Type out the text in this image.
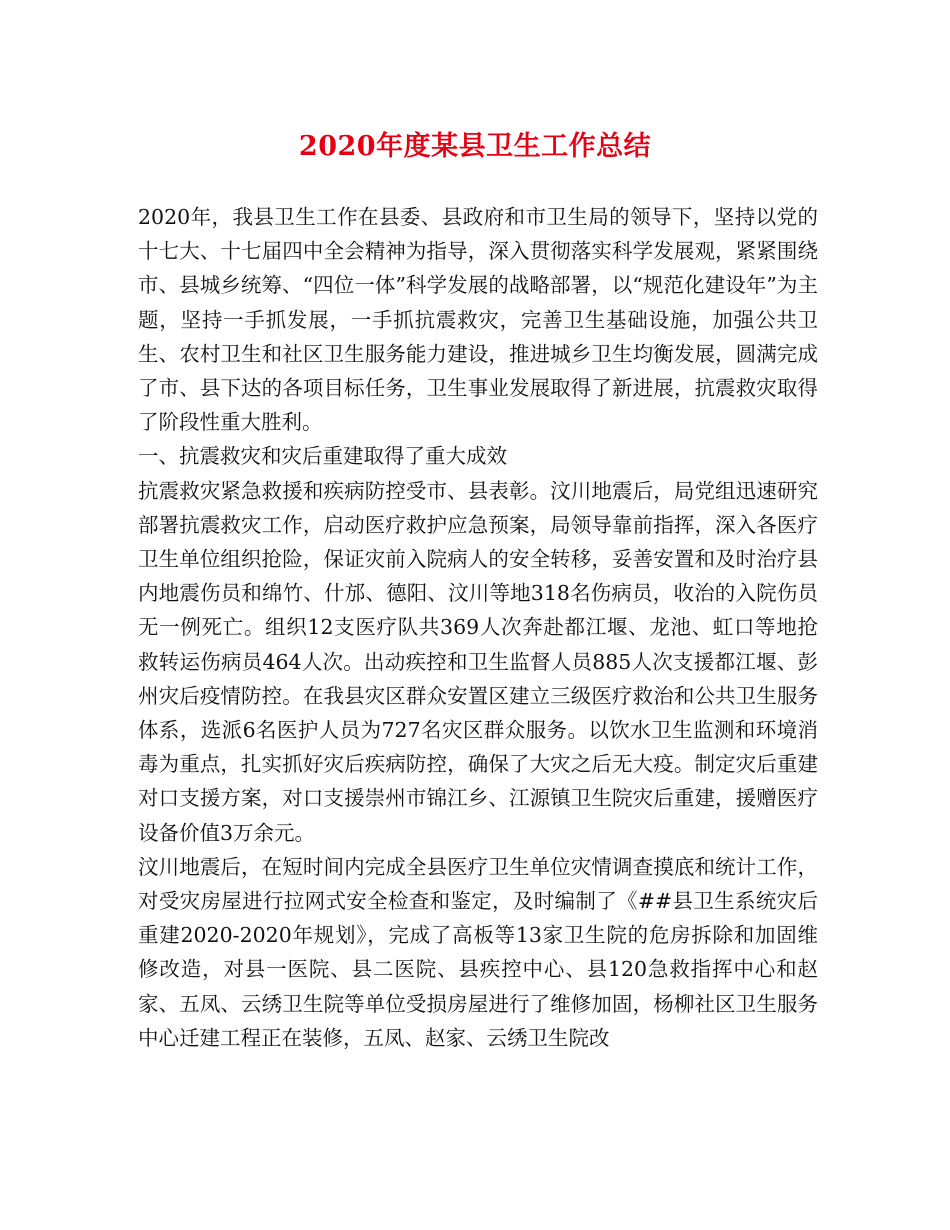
2020年度某县卫生工作总结

2020年，我县卫生工作在县委、县政府和市卫生局的领导下，坚持以党的十七大、十七届四中全会精神为指导，深入贯彻落实科学发展观，紧紧围绕市、县城乡统筹、“四位一体”科学发展的战略部署，以“规范化建设年”为主题，坚持一手抓发展，一手抓抗震救灾，完善卫生基础设施，加强公共卫生、农村卫生和社区卫生服务能力建设，推进城乡卫生均衡发展，圆满完成了市、县下达的各项目标任务，卫生事业发展取得了新进展，抗震救灾取得了阶段性重大胜利。

一、抗震救灾和灾后重建取得了重大成效

抗震救灾紧急救援和疾病防控受市、县表彰。汶川地震后，局党组迅速研究部署抗震救灾工作，启动医疗救护应急预案，局领导靠前指挥，深入各医疗卫生单位组织抢险，保证灾前入院病人的安全转移，妥善安置和及时治疗县内地震伤员和绵竹、什邡、德阳、汶川等地318名伤病员，收治的入院伤员无一例死亡。组织12支医疗队共369人次奔赴都江堰、龙池、虹口等地抢救转运伤病员464人次。出动疾控和卫生监督人员885人次支援都江堰、彭州灾后疫情防控。在我县灾区群众安置区建立三级医疗救治和公共卫生服务体系，选派6名医护人员为727名灾区群众服务。以饮水卫生监测和环境消毒为重点，扎实抓好灾后疾病防控，确保了大灾之后无大疫。制定灾后重建对口支援方案，对口支援崇州市锦江乡、江源镇卫生院灾后重建，援赠医疗设备价值3万余元。

汶川地震后，在短时间内完成全县医疗卫生单位灾情调查摸底和统计工作，对受灾房屋进行拉网式安全检查和鉴定，及时编制了《##县卫生系统灾后重建2020-2020年规划》，完成了高板等13家卫生院的危房拆除和加固维修改造，对县一医院、县二医院、县疾控中心、县120急救指挥中心和赵家、五凤、云绣卫生院等单位受损房屋进行了维修加固，杨柳社区卫生服务中心迁建工程正在装修，五凤、赵家、云绣卫生院改
